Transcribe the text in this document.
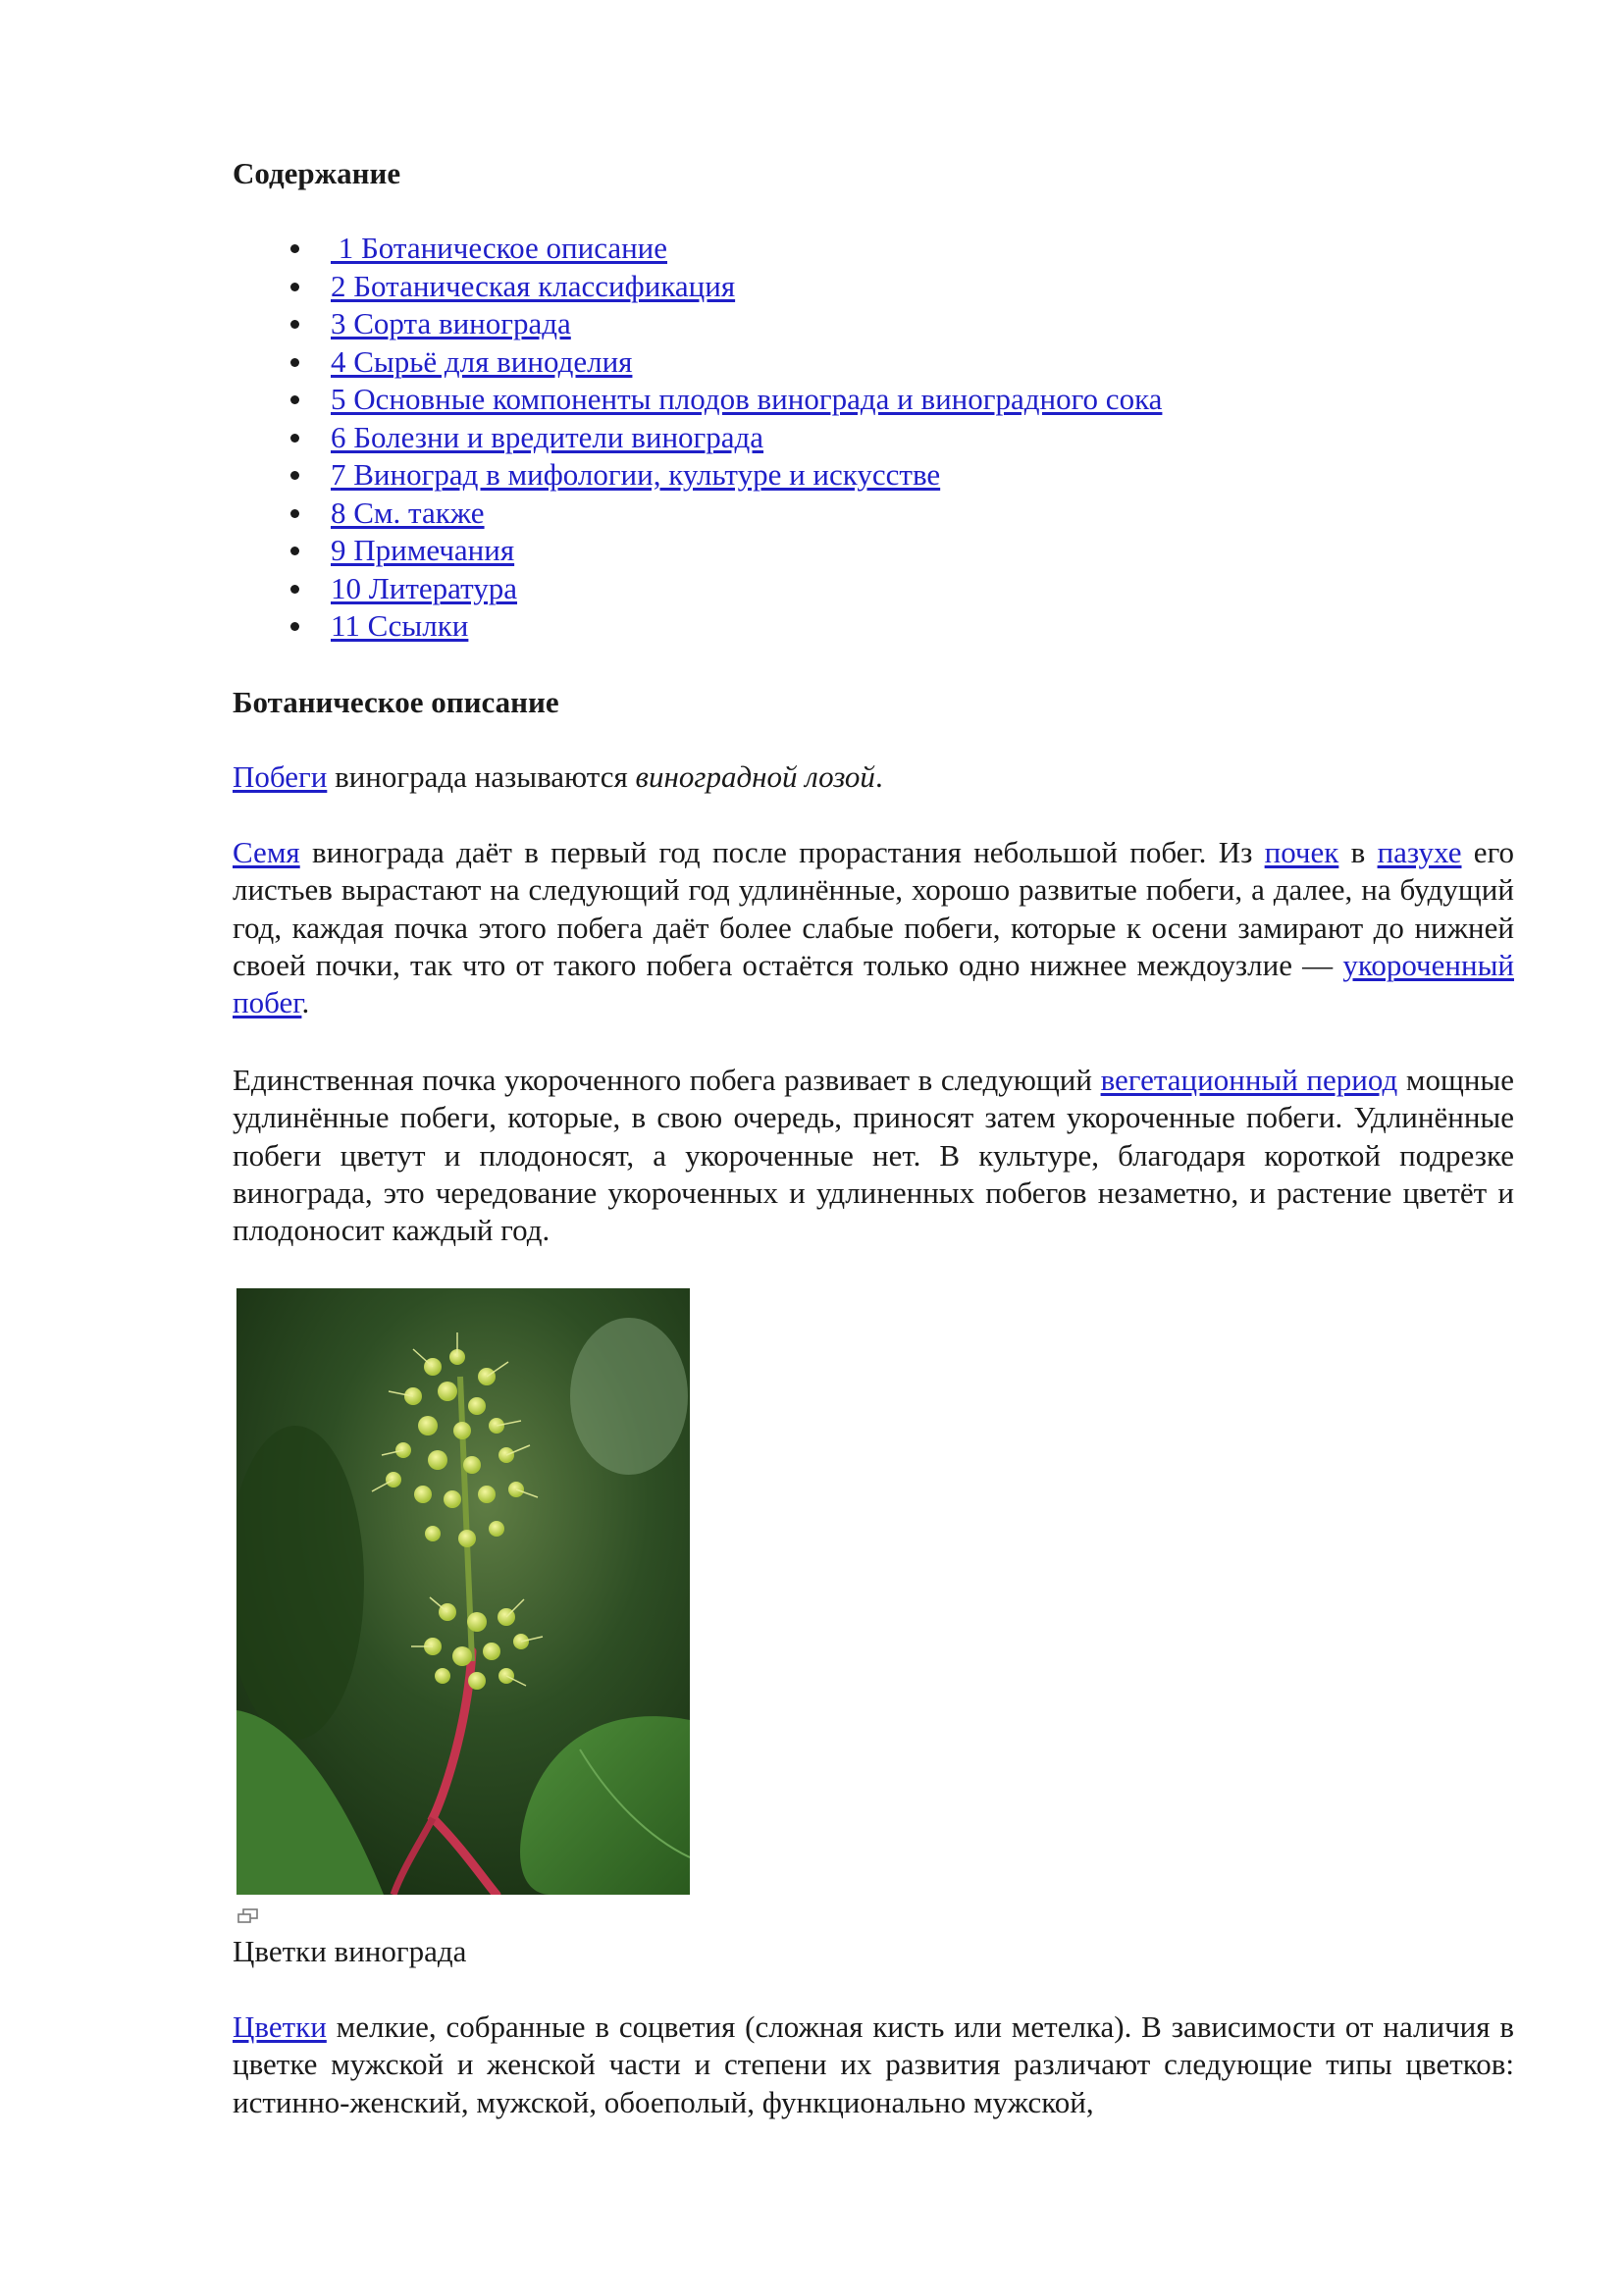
Содержание
1 Ботаническое описание
2 Ботаническая классификация
3 Сорта винограда
4 Сырьё для виноделия
5 Основные компоненты плодов винограда и виноградного сока
6 Болезни и вредители винограда
7 Виноград в мифологии, культуре и искусстве
8 См. также
9 Примечания
10 Литература
11 Ссылки
Ботаническое описание

Побеги винограда называются виноградной лозой.

Семя винограда даёт в первый год после прорастания небольшой побег. Из почек в пазухе его листьев вырастают на следующий год удлинённые, хорошо развитые побеги, а далее, на будущий год, каждая почка этого побега даёт более слабые побеги, которые к осени замирают до нижней своей почки, так что от такого побега остаётся только одно нижнее междоузлие — укороченный побег.

Единственная почка укороченного побега развивает в следующий вегетационный период мощные удлинённые побеги, которые, в свою очередь, приносят затем укороченные побеги. Удлинённые побеги цветут и плодоносят, а укороченные нет. В культуре, благодаря короткой подрезке винограда, это чередование укороченных и удлиненных побегов незаметно, и растение цветёт и плодоносит каждый год.

Цветки винограда

Цветки мелкие, собранные в соцветия (сложная кисть или метелка). В зависимости от наличия в цветке мужской и женской части и степени их развития различают следующие типы цветков: истинно-женский, мужской, обоеполый, функционально мужской,
